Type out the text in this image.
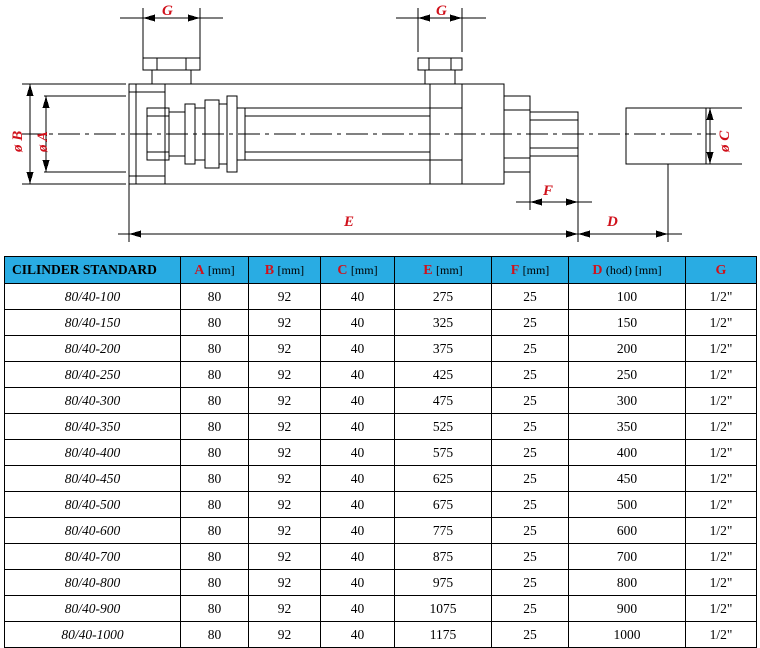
G	G
ø B ø A	ø C
E
F
D
CILINDER STANDARD	A [mm]	B [mm]	C [mm]	E [mm]	F [mm]	D (hod) [mm]	G
80/40-100	80	92	40	275	25	100	1/2"
80/40-150	80	92	40	325	25	150	1/2"
80/40-200	80	92	40	375	25	200	1/2"
80/40-250	80	92	40	425	25	250	1/2"
80/40-300	80	92	40	475	25	300	1/2"
80/40-350	80	92	40	525	25	350	1/2"
80/40-400	80	92	40	575	25	400	1/2"
80/40-450	80	92	40	625	25	450	1/2"
80/40-500	80	92	40	675	25	500	1/2"
80/40-600	80	92	40	775	25	600	1/2"
80/40-700	80	92	40	875	25	700	1/2"
80/40-800	80	92	40	975	25	800	1/2"
80/40-900	80	92	40	1075	25	900	1/2"
80/40-1000	80	92	40	1175	25	1000	1/2"
